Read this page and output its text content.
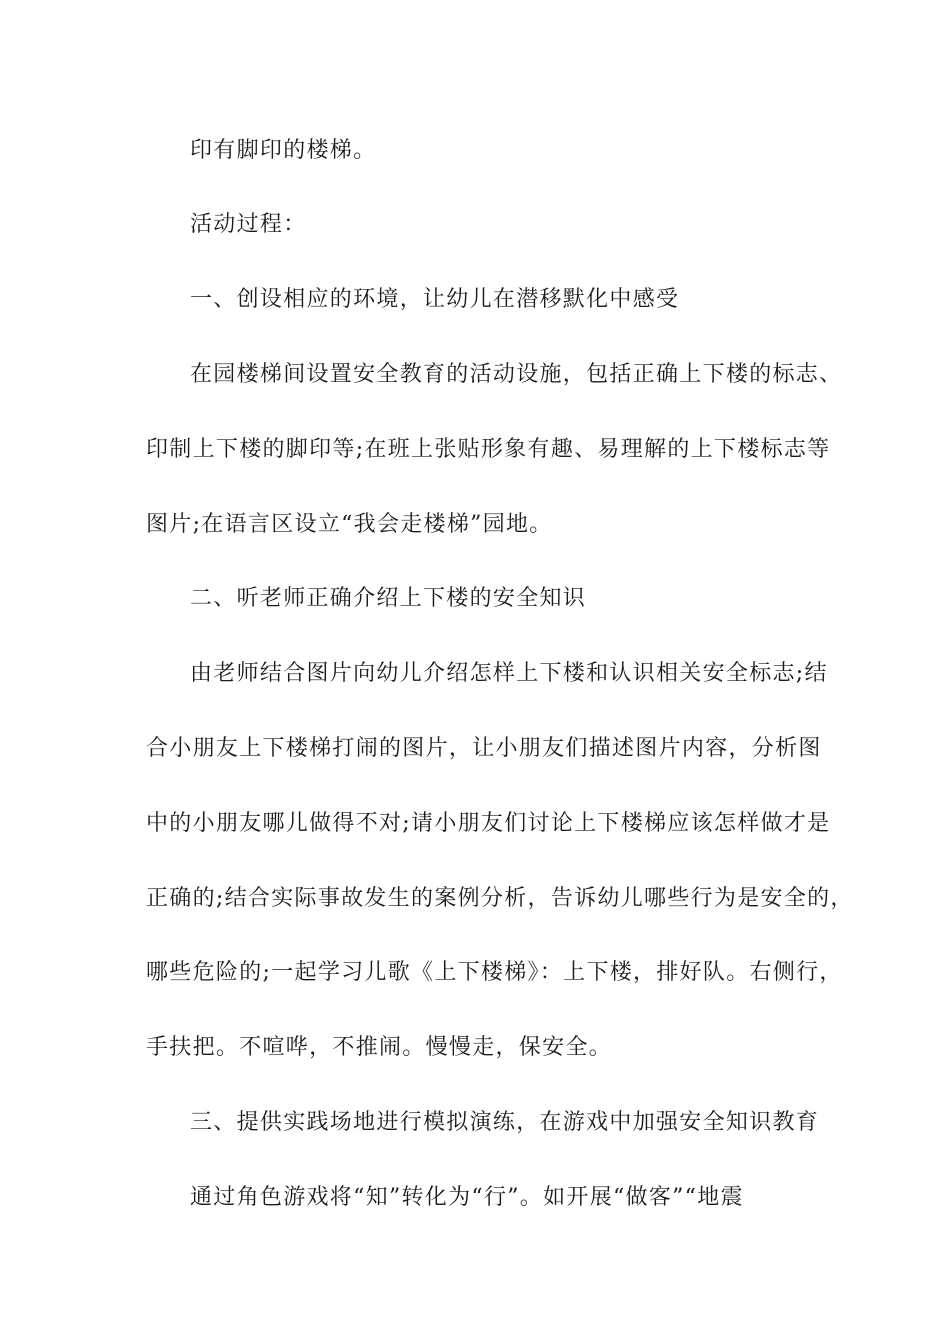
印有脚印的楼梯。
活动过程：
一、创设相应的环境，让幼儿在潜移默化中感受
在园楼梯间设置安全教育的活动设施，包括正确上下楼的标志、
印制上下楼的脚印等;在班上张贴形象有趣、易理解的上下楼标志等
图片;在语言区设立“我会走楼梯”园地。
二、听老师正确介绍上下楼的安全知识
由老师结合图片向幼儿介绍怎样上下楼和认识相关安全标志;结
合小朋友上下楼梯打闹的图片，让小朋友们描述图片内容，分析图
中的小朋友哪儿做得不对;请小朋友们讨论上下楼梯应该怎样做才是
正确的;结合实际事故发生的案例分析，告诉幼儿哪些行为是安全的，
哪些危险的;一起学习儿歌《上下楼梯》：上下楼，排好队。右侧行，
手扶把。不喧哗，不推闹。慢慢走，保安全。
三、提供实践场地进行模拟演练，在游戏中加强安全知识教育
通过角色游戏将“知”转化为“行”。如开展“做客”“地震
